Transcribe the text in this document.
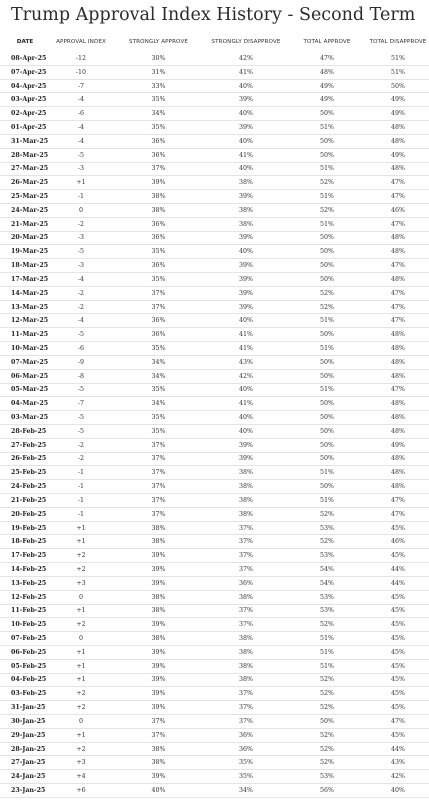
Trump Approval Index History - Second Term
DATE	APPROVAL INDEX	STRONGLY APPROVE	STRONGLY DISAPPROVE	TOTAL APPROVE	TOTAL DISAPPROVE
08-Apr-25	-12	30%	42%	47%	51%
07-Apr-25	-10	31%	41%	48%	51%
04-Apr-25	-7	33%	40%	49%	50%
03-Apr-25	-4	35%	39%	49%	49%
02-Apr-25	-6	34%	40%	50%	49%
01-Apr-25	-4	35%	39%	51%	48%
31-Mar-25	-4	36%	40%	50%	48%
28-Mar-25	-5	36%	41%	50%	49%
27-Mar-25	-3	37%	40%	51%	48%
26-Mar-25	+1	39%	38%	52%	47%
25-Mar-25	-1	38%	39%	51%	47%
24-Mar-25	0	38%	38%	52%	46%
21-Mar-25	-2	36%	38%	51%	47%
20-Mar-25	-3	36%	39%	50%	48%
19-Mar-25	-5	35%	40%	50%	48%
18-Mar-25	-3	36%	39%	50%	47%
17-Mar-25	-4	35%	39%	50%	48%
14-Mar-25	-2	37%	39%	52%	47%
13-Mar-25	-2	37%	39%	52%	47%
12-Mar-25	-4	36%	40%	51%	47%
11-Mar-25	-5	36%	41%	50%	48%
10-Mar-25	-6	35%	41%	51%	48%
07-Mar-25	-9	34%	43%	50%	48%
06-Mar-25	-8	34%	42%	50%	48%
05-Mar-25	-5	35%	40%	51%	47%
04-Mar-25	-7	34%	41%	50%	48%
03-Mar-25	-5	35%	40%	50%	48%
28-Feb-25	-5	35%	40%	50%	48%
27-Feb-25	-2	37%	39%	50%	49%
26-Feb-25	-2	37%	39%	50%	48%
25-Feb-25	-1	37%	38%	51%	48%
24-Feb-25	-1	37%	38%	50%	48%
21-Feb-25	-1	37%	38%	51%	47%
20-Feb-25	-1	37%	38%	52%	47%
19-Feb-25	+1	38%	37%	53%	45%
18-Feb-25	+1	38%	37%	52%	46%
17-Feb-25	+2	39%	37%	53%	45%
14-Feb-25	+2	39%	37%	54%	44%
13-Feb-25	+3	39%	36%	54%	44%
12-Feb-25	0	38%	38%	53%	45%
11-Feb-25	+1	38%	37%	53%	45%
10-Feb-25	+2	39%	37%	52%	45%
07-Feb-25	0	38%	38%	51%	45%
06-Feb-25	+1	39%	38%	51%	45%
05-Feb-25	+1	39%	38%	51%	45%
04-Feb-25	+1	39%	38%	52%	45%
03-Feb-25	+2	39%	37%	52%	45%
31-Jan-25	+2	39%	37%	52%	45%
30-Jan-25	0	37%	37%	50%	47%
29-Jan-25	+1	37%	36%	52%	45%
28-Jan-25	+2	38%	36%	52%	44%
27-Jan-25	+3	38%	35%	52%	43%
24-Jan-25	+4	39%	35%	53%	42%
23-Jan-25	+6	40%	34%	56%	40%
